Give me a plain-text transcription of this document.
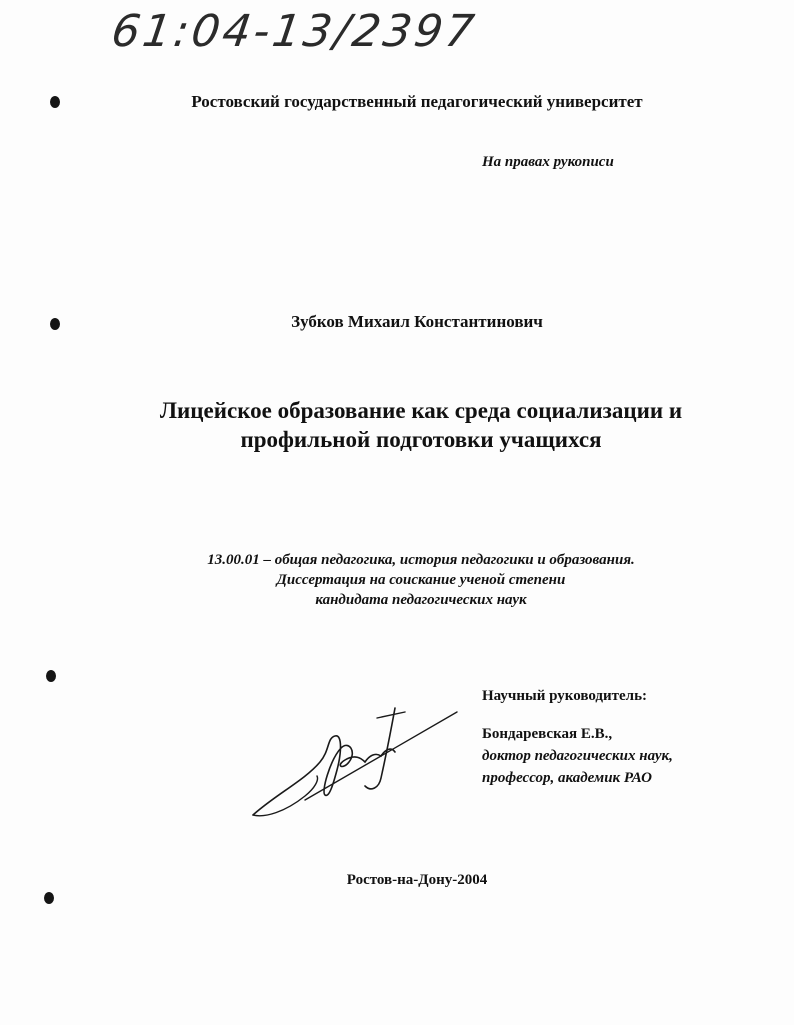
61:04-13/2397
Ростовский государственный педагогический университет
На правах рукописи
Зубков Михаил Константинович
Лицейское образование как среда социализации и
профильной подготовки учащихся
13.00.01 – общая педагогика, история педагогики и образования.
Диссертация на соискание ученой степени
кандидата педагогических наук
Научный руководитель:
Бондаревская Е.В.,
доктор педагогических наук,
профессор, академик РАО
Ростов-на-Дону-2004
